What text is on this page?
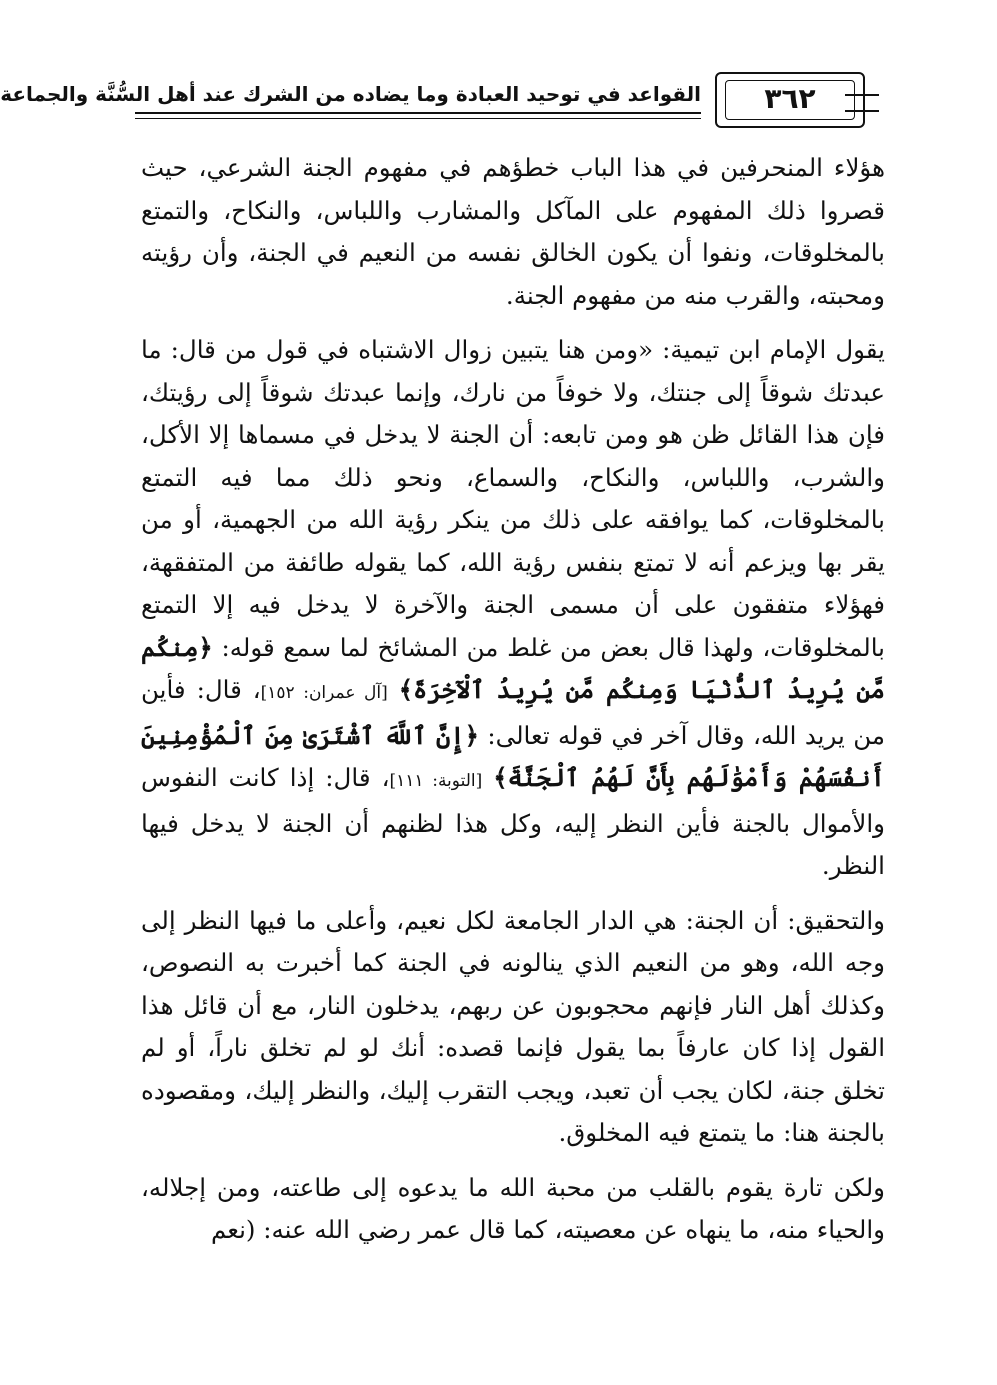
القواعد في توحيد العبادة وما يضاده من الشرك عند أهل السُّنَّة والجماعة	٣٦٢

هؤلاء المنحرفين في هذا الباب خطؤهم في مفهوم الجنة الشرعي، حيث قصروا ذلك المفهوم على المآكل والمشارب واللباس، والنكاح، والتمتع بالمخلوقات، ونفوا أن يكون الخالق نفسه من النعيم في الجنة، وأن رؤيته ومحبته، والقرب منه من مفهوم الجنة.

يقول الإمام ابن تيمية: «ومن هنا يتبين زوال الاشتباه في قول من قال: ما عبدتك شوقاً إلى جنتك، ولا خوفاً من نارك، وإنما عبدتك شوقاً إلى رؤيتك، فإن هذا القائل ظن هو ومن تابعه: أن الجنة لا يدخل في مسماها إلا الأكل، والشرب، واللباس، والنكاح، والسماع، ونحو ذلك مما فيه التمتع بالمخلوقات، كما يوافقه على ذلك من ينكر رؤية الله من الجهمية، أو من يقر بها ويزعم أنه لا تمتع بنفس رؤية الله، كما يقوله طائفة من المتفقهة، فهؤلاء متفقون على أن مسمى الجنة والآخرة لا يدخل فيه إلا التمتع بالمخلوقات، ولهذا قال بعض من غلط من المشائخ لما سمع قوله: ﴿مِنكُم مَّن يُرِيدُ ٱلدُّنْيَا وَمِنكُم مَّن يُرِيدُ ٱلْآخِرَةَ﴾ [آل عمران: ١٥٢]، قال: فأين من يريد الله، وقال آخر في قوله تعالى: ﴿إِنَّ ٱللَّهَ ٱشْتَرَىٰ مِنَ ٱلْمُؤْمِنِينَ أَنفُسَهُمْ وَأَمْوَٰلَهُم بِأَنَّ لَهُمُ ٱلْجَنَّةَ﴾ [التوبة: ١١١]، قال: إذا كانت النفوس والأموال بالجنة فأين النظر إليه، وكل هذا لظنهم أن الجنة لا يدخل فيها النظر.

والتحقيق: أن الجنة: هي الدار الجامعة لكل نعيم، وأعلى ما فيها النظر إلى وجه الله، وهو من النعيم الذي ينالونه في الجنة كما أخبرت به النصوص، وكذلك أهل النار فإنهم محجوبون عن ربهم، يدخلون النار، مع أن قائل هذا القول إذا كان عارفاً بما يقول فإنما قصده: أنك لو لم تخلق ناراً، أو لم تخلق جنة، لكان يجب أن تعبد، ويجب التقرب إليك، والنظر إليك، ومقصوده بالجنة هنا: ما يتمتع فيه المخلوق.

ولكن تارة يقوم بالقلب من محبة الله ما يدعوه إلى طاعته، ومن إجلاله، والحياء منه، ما ينهاه عن معصيته، كما قال عمر رضي الله عنه: (نعم
